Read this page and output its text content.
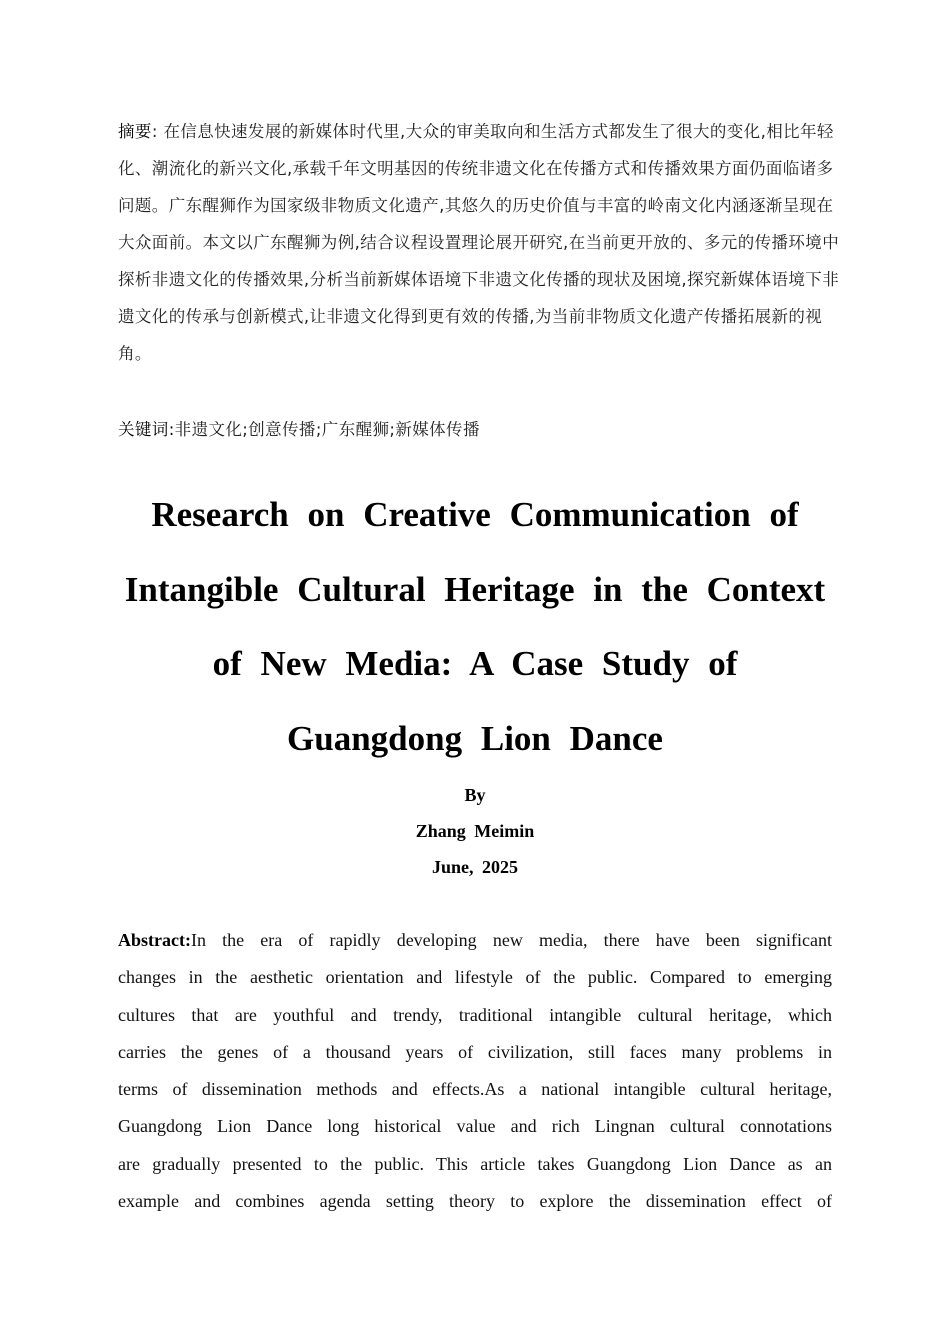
摘要: 在信息快速发展的新媒体时代里,大众的审美取向和生活方式都发生了很大的变化,相比年轻化、潮流化的新兴文化,承载千年文明基因的传统非遗文化在传播方式和传播效果方面仍面临诸多问题。广东醒狮作为国家级非物质文化遗产,其悠久的历史价值与丰富的岭南文化内涵逐渐呈现在大众面前。本文以广东醒狮为例,结合议程设置理论展开研究,在当前更开放的、多元的传播环境中探析非遗文化的传播效果,分析当前新媒体语境下非遗文化传播的现状及困境,探究新媒体语境下非遗文化的传承与创新模式,让非遗文化得到更有效的传播,为当前非物质文化遗产传播拓展新的视角。
关键词:非遗文化;创意传播;广东醒狮;新媒体传播
Research on Creative Communication of
Intangible Cultural Heritage in the Context
of New Media: A Case Study of
Guangdong Lion Dance
By
Zhang Meimin
June, 2025
Abstract:In the era of rapidly developing new media, there have been significant
changes in the aesthetic orientation and lifestyle of the public. Compared to emerging
cultures that are youthful and trendy, traditional intangible cultural heritage, which
carries the genes of a thousand years of civilization, still faces many problems in
terms of dissemination methods and effects.As a national intangible cultural heritage,
Guangdong Lion Dance long historical value and rich Lingnan cultural connotations
are gradually presented to the public. This article takes Guangdong Lion Dance as an
example and combines agenda setting theory to explore the dissemination effect of
